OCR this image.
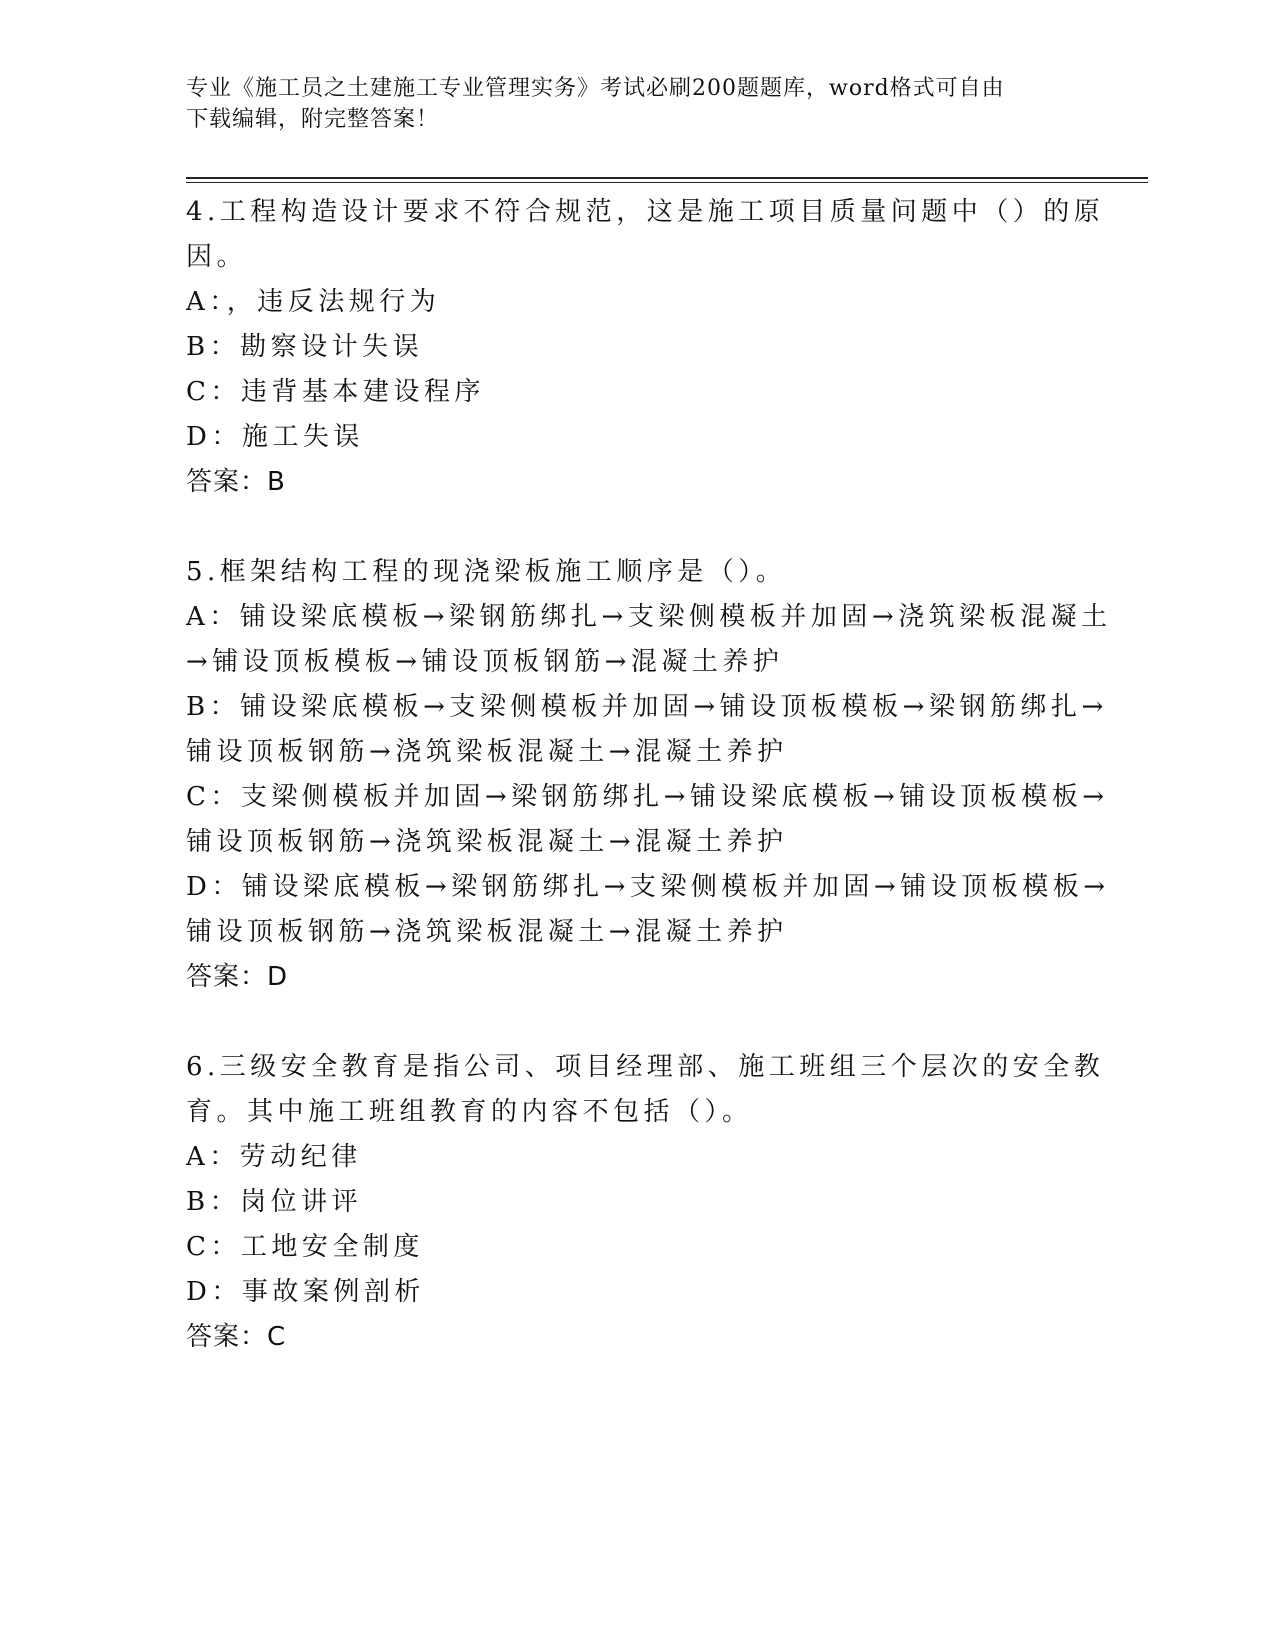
专业《施工员之土建施工专业管理实务》考试必刷200题题库，word格式可自由
下载编辑，附完整答案！
4.工程构造设计要求不符合规范，这是施工项目质量问题中（）的原
因。
A：，违反法规行为
B：勘察设计失误
C：违背基本建设程序
D：施工失误
答案：B
5.框架结构工程的现浇梁板施工顺序是（）。
A：铺设梁底模板→梁钢筋绑扎→支梁侧模板并加固→浇筑梁板混凝土
→铺设顶板模板→铺设顶板钢筋→混凝土养护
B：铺设梁底模板→支梁侧模板并加固→铺设顶板模板→梁钢筋绑扎→
铺设顶板钢筋→浇筑梁板混凝土→混凝土养护
C：支梁侧模板并加固→梁钢筋绑扎→铺设梁底模板→铺设顶板模板→
铺设顶板钢筋→浇筑梁板混凝土→混凝土养护
D：铺设梁底模板→梁钢筋绑扎→支梁侧模板并加固→铺设顶板模板→
铺设顶板钢筋→浇筑梁板混凝土→混凝土养护
答案：D
6.三级安全教育是指公司、项目经理部、施工班组三个层次的安全教
育。其中施工班组教育的内容不包括（）。
A：劳动纪律
B：岗位讲评
C：工地安全制度
D：事故案例剖析
答案：C
